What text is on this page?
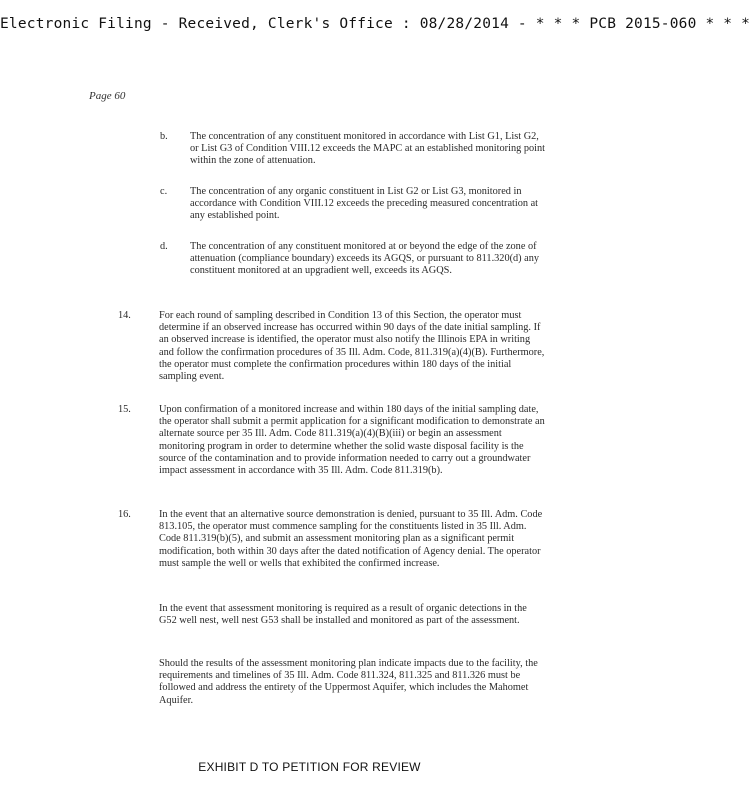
Electronic Filing - Received, Clerk's Office : 08/28/2014 - * * * PCB 2015-060 * * *
Page 60
b.	The concentration of any constituent monitored in accordance with List G1, List G2, or List G3 of Condition VIII.12 exceeds the MAPC at an established monitoring point within the zone of attenuation.
c.	The concentration of any organic constituent in List G2 or List G3, monitored in accordance with Condition VIII.12 exceeds the preceding measured concentration at any established point.
d.	The concentration of any constituent monitored at or beyond the edge of the zone of attenuation (compliance boundary) exceeds its AGQS, or pursuant to 811.320(d) any constituent monitored at an upgradient well, exceeds its AGQS.
14.	For each round of sampling described in Condition 13 of this Section, the operator must determine if an observed increase has occurred within 90 days of the date initial sampling. If an observed increase is identified, the operator must also notify the Illinois EPA in writing and follow the confirmation procedures of 35 Ill. Adm. Code, 811.319(a)(4)(B). Furthermore, the operator must complete the confirmation procedures within 180 days of the initial sampling event.
15.	Upon confirmation of a monitored increase and within 180 days of the initial sampling date, the operator shall submit a permit application for a significant modification to demonstrate an alternate source per 35 Ill. Adm. Code 811.319(a)(4)(B)(iii) or begin an assessment monitoring program in order to determine whether the solid waste disposal facility is the source of the contamination and to provide information needed to carry out a groundwater impact assessment in accordance with 35 Ill. Adm. Code 811.319(b).
16.	In the event that an alternative source demonstration is denied, pursuant to 35 Ill. Adm. Code 813.105, the operator must commence sampling for the constituents listed in 35 Ill. Adm. Code 811.319(b)(5), and submit an assessment monitoring plan as a significant permit modification, both within 30 days after the dated notification of Agency denial. The operator must sample the well or wells that exhibited the confirmed increase.
In the event that assessment monitoring is required as a result of organic detections in the G52 well nest, well nest G53 shall be installed and monitored as part of the assessment.
Should the results of the assessment monitoring plan indicate impacts due to the facility, the requirements and timelines of 35 Ill. Adm. Code 811.324, 811.325 and 811.326 must be followed and address the entirety of the Uppermost Aquifer, which includes the Mahomet Aquifer.
EXHIBIT D TO PETITION FOR REVIEW
